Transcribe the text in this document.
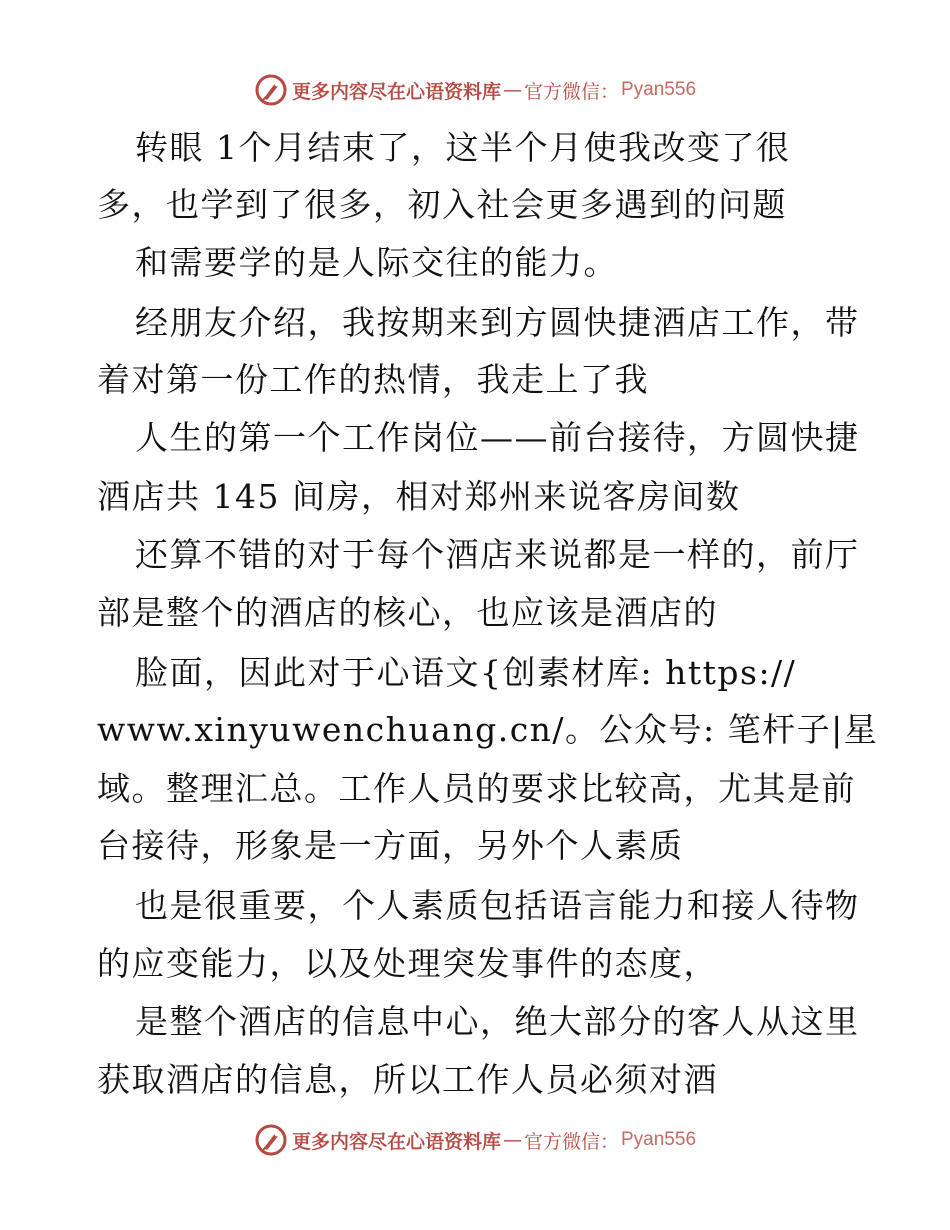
更多内容尽在心语资料库 — 官方微信： Pyan556
转眼 1个月结束了，这半个月使我改变了很
多，也学到了很多，初入社会更多遇到的问题
和需要学的是人际交往的能力。
经朋友介绍，我按期来到方圆快捷酒店工作，带
着对第一份工作的热情，我走上了我
人生的第一个工作岗位——前台接待，方圆快捷
酒店共 145 间房，相对郑州来说客房间数
还算不错的对于每个酒店来说都是一样的，前厅
部是整个的酒店的核心，也应该是酒店的
脸面，因此对于心语文{创素材库: https://
www.xinyuwenchuang.cn/。公众号: 笔杆子|星
域。整理汇总。工作人员的要求比较高，尤其是前
台接待，形象是一方面，另外个人素质
也是很重要，个人素质包括语言能力和接人待物
的应变能力，以及处理突发事件的态度，
是整个酒店的信息中心，绝大部分的客人从这里
获取酒店的信息，所以工作人员必须对酒
更多内容尽在心语资料库 — 官方微信： Pyan556
